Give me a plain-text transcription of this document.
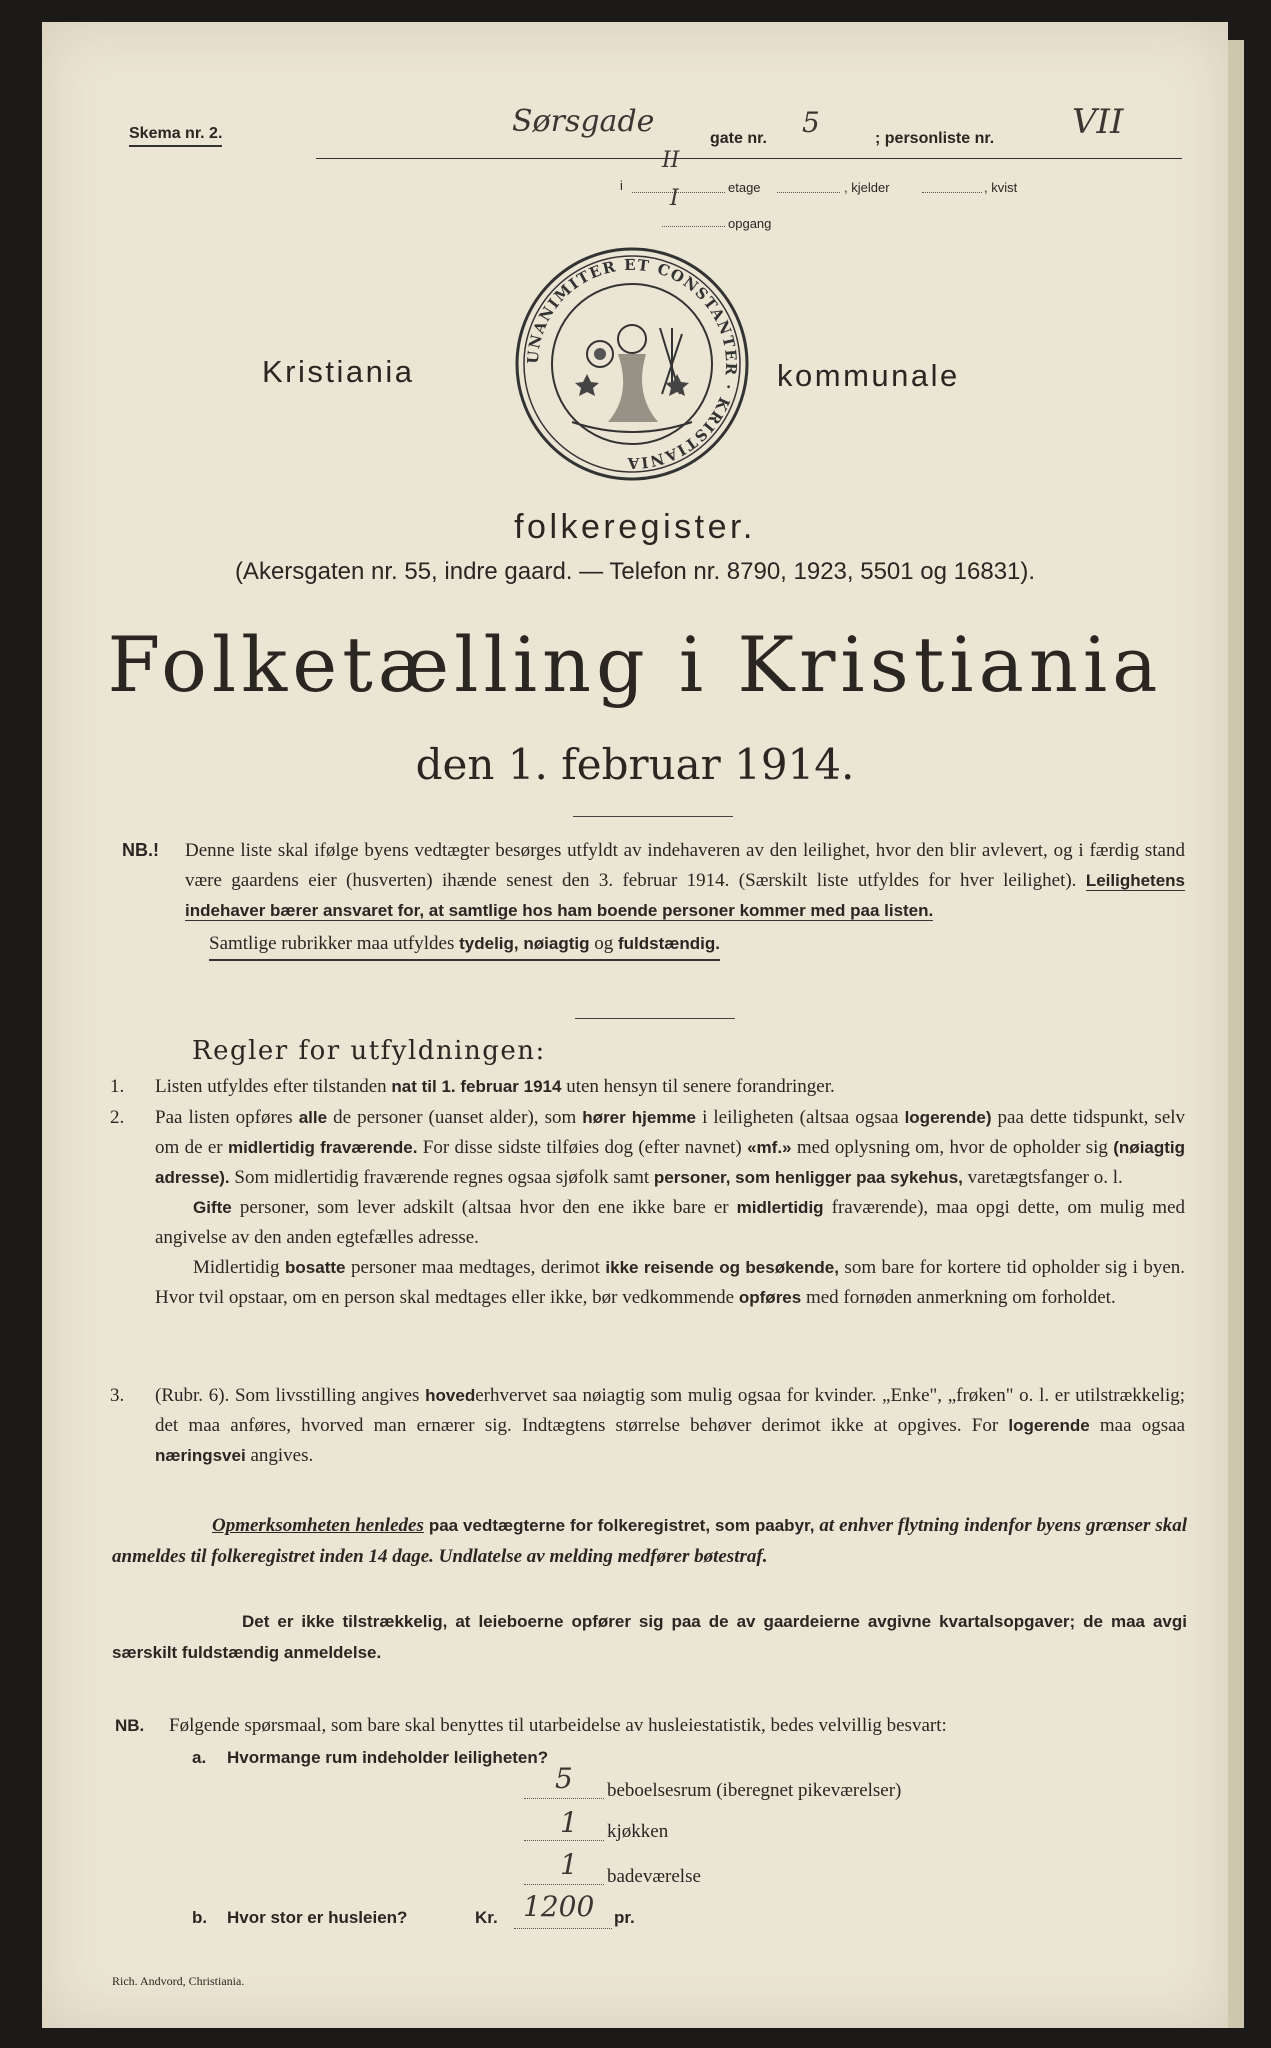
Skema nr. 2.	Sørsgade	gate nr. 5	; personliste nr. VII
i
II
etage	, kjelder	, kvist
I
opgang
Kristiania	kommunale
UNANIMITER ET CONSTANTER · KRISTIANIA
folkeregister.
(Akersgaten nr. 55, indre gaard. — Telefon nr. 8790, 1923, 5501 og 16831).
Folketælling i Kristiania
den 1. februar 1914.
NB.! Denne liste skal ifølge byens vedtægter besørges utfyldt av indehaveren av den leilighet, hvor den blir avlevert, og i færdig stand være gaardens eier (husverten) ihænde senest den 3. februar 1914. (Særskilt liste utfyldes for hver leilighet). Leilighetens indehaver bærer ansvaret for, at samtlige hos ham boende personer kommer med paa listen.
Samtlige rubrikker maa utfyldes tydelig, nøiagtig og fuldstændig.
Regler for utfyldningen:
1. Listen utfyldes efter tilstanden nat til 1. februar 1914 uten hensyn til senere forandringer.
2. Paa listen opføres alle de personer (uanset alder), som hører hjemme i leiligheten (altsaa ogsaa logerende) paa dette tidspunkt, selv om de er midlertidig fraværende. For disse sidste tilføies dog (efter navnet) «mf.» med oplysning om, hvor de opholder sig (nøiagtig adresse). Som midlertidig fraværende regnes ogsaa sjøfolk samt personer, som henligger paa sykehus, varetægtsfanger o. l.
Gifte personer, som lever adskilt (altsaa hvor den ene ikke bare er midlertidig fraværende), maa opgi dette, om mulig med angivelse av den anden egtefælles adresse.
Midlertidig bosatte personer maa medtages, derimot ikke reisende og besøkende, som bare for kortere tid opholder sig i byen. Hvor tvil opstaar, om en person skal medtages eller ikke, bør vedkommende opføres med fornøden anmerkning om forholdet.
3. (Rubr. 6). Som livsstilling angives hovederhvervet saa nøiagtig som mulig ogsaa for kvinder. „Enke", „frøken" o. l. er utilstrækkelig; det maa anføres, hvorved man ernærer sig. Indtægtens størrelse behøver derimot ikke at opgives. For logerende maa ogsaa næringsvei angives.
Opmerksomheten henledes paa vedtægterne for folkeregistret, som paabyr, at enhver flytning indenfor byens grænser skal anmeldes til folkeregistret inden 14 dage. Undlatelse av melding medfører bøtestraf.
Det er ikke tilstrækkelig, at leieboerne opfører sig paa de av gaardeierne avgivne kvartalsopgaver; de maa avgi særskilt fuldstændig anmeldelse.
NB. Følgende spørsmaal, som bare skal benyttes til utarbeidelse av husleiestatistik, bedes velvillig besvart:
a. Hvormange rum indeholder leiligheten?
5 beboelsesrum (iberegnet pikeværelser)
1 kjøkken
1 badeværelse
b. Hvor stor er husleien?	Kr. 1200 pr.
Rich. Andvord, Christiania.
